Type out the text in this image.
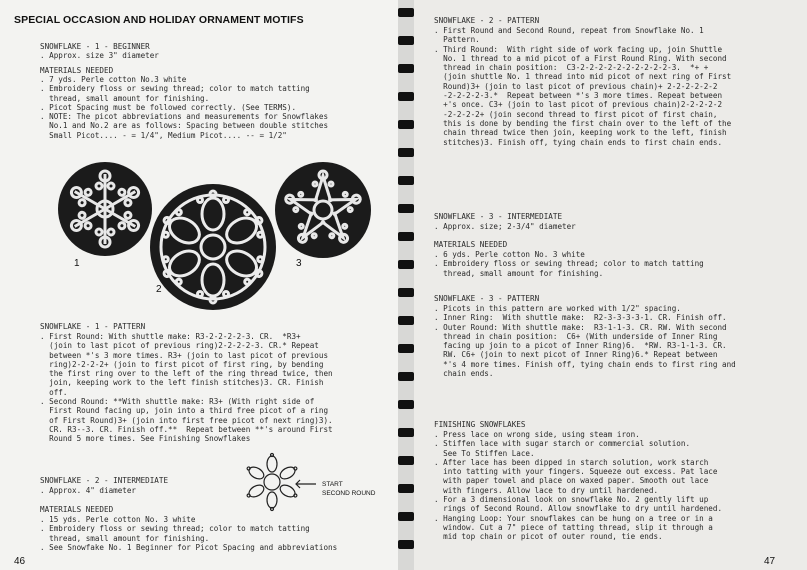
SPECIAL OCCASION AND HOLIDAY ORNAMENT MOTIFS
SNOWFLAKE - 1 - BEGINNER
. Approx. size 3" diameter
MATERIALS NEEDED
. 7 yds. Perle cotton No.3 white
. Embroidery floss or sewing thread; color to match tatting
thread, small amount for finishing.
. Picot Spacing must be followed correctly. (See TERMS).
. NOTE: The picot abbreviations and measurements for Snowflakes
No.1 and No.2 are as follows: Spacing between double stitches
Small Picot.... - = 1/4", Medium Picot.... -- = 1/2"
1
2
3
SNOWFLAKE - 1 - PATTERN
. First Round: With shuttle make: R3-2-2-2-2-3. CR.  *R3+
(join to last picot of previous ring)2-2-2-2-3. CR.* Repeat
between *'s 3 more times. R3+ (join to last picot of previous
ring)2-2-2-2+ (join to first picot of first ring, by bending
the first ring over to the left of the ring thread twice, then
join, keeping work to the left finish stitches)3. CR. Finish
off.
. Second Round: **With shuttle make: R3+ (With right side of
First Round facing up, join into a third free picot of a ring
of First Round)3+ (join into first free picot of next ring)3).
CR. R3--3. CR. Finish off.**  Repeat between **'s around First
Round 5 more times. See Finishing Snowflakes
START
SECOND ROUND
SNOWFLAKE - 2 - INTERMEDIATE
. Approx. 4" diameter
MATERIALS NEEDED
. 15 yds. Perle cotton No. 3 white
. Embroidery floss or sewing thread; color to match tatting
thread, small amount for finishing.
. See Snowfake No. 1 Beginner for Picot Spacing and abbreviations
46
SNOWFLAKE - 2 - PATTERN
. First Round and Second Round, repeat from Snowflake No. 1
Pattern.
. Third Round:  With right side of work facing up, join Shuttle
No. 1 thread to a mid picot of a First Round Ring. With second
thread in chain position:  C3-2-2-2-2-2-2-2-2-2-2-3.  *+ +
(join shuttle No. 1 thread into mid picot of next ring of First
Round)3+ (join to last picot of previous chain)+ 2-2-2-2-2-2
-2-2-2-2-3.*  Repeat between *'s 3 more times. Repeat between
+'s once. C3+ (join to last picot of previous chain)2-2-2-2-2
-2-2-2-2+ (join second thread to first picot of first chain,
this is done by bending the first chain over to the left of the
chain thread twice then join, keeping work to the left, finish
stitches)3. Finish off, tying chain ends to first chain ends.
SNOWFLAKE - 3 - INTERMEDIATE
. Approx. size; 2-3/4" diameter
MATERIALS NEEDED
. 6 yds. Perle cotton No. 3 white
. Embroidery floss or sewing thread; color to match tatting
thread, small amount for finishing.
SNOWFLAKE - 3 - PATTERN
. Picots in this pattern are worked with 1/2" spacing.
. Inner Ring:  With shuttle make:  R2-3-3-3-3-1. CR. Finish off.
. Outer Round: With shuttle make:  R3-1-1-3. CR. RW. With second
thread in chain position:  C6+ (With underside of Inner Ring
facing up join to a picot of Inner Ring)6.  *RW. R3-1-1-3. CR.
RW. C6+ (join to next picot of Inner Ring)6.* Repeat between
*'s 4 more times. Finish off, tying chain ends to first ring and
chain ends.
FINISHING SNOWFLAKES
. Press lace on wrong side, using steam iron.
. Stiffen lace with sugar starch or commercial solution.
See To Stiffen Lace.
. After lace has been dipped in starch solution, work starch
into tatting with your fingers. Squeeze out excess. Pat lace
with paper towel and place on waxed paper. Smooth out lace
with fingers. Allow lace to dry until hardened.
. For a 3 dimensional look on snowflake No. 2 gently lift up
rings of Second Round. Allow snowflake to dry until hardened.
. Hanging Loop: Your snowflakes can be hung on a tree or in a
window. Cut a 7" piece of tatting thread, slip it through a
mid top chain or picot of outer round, tie ends.
47
